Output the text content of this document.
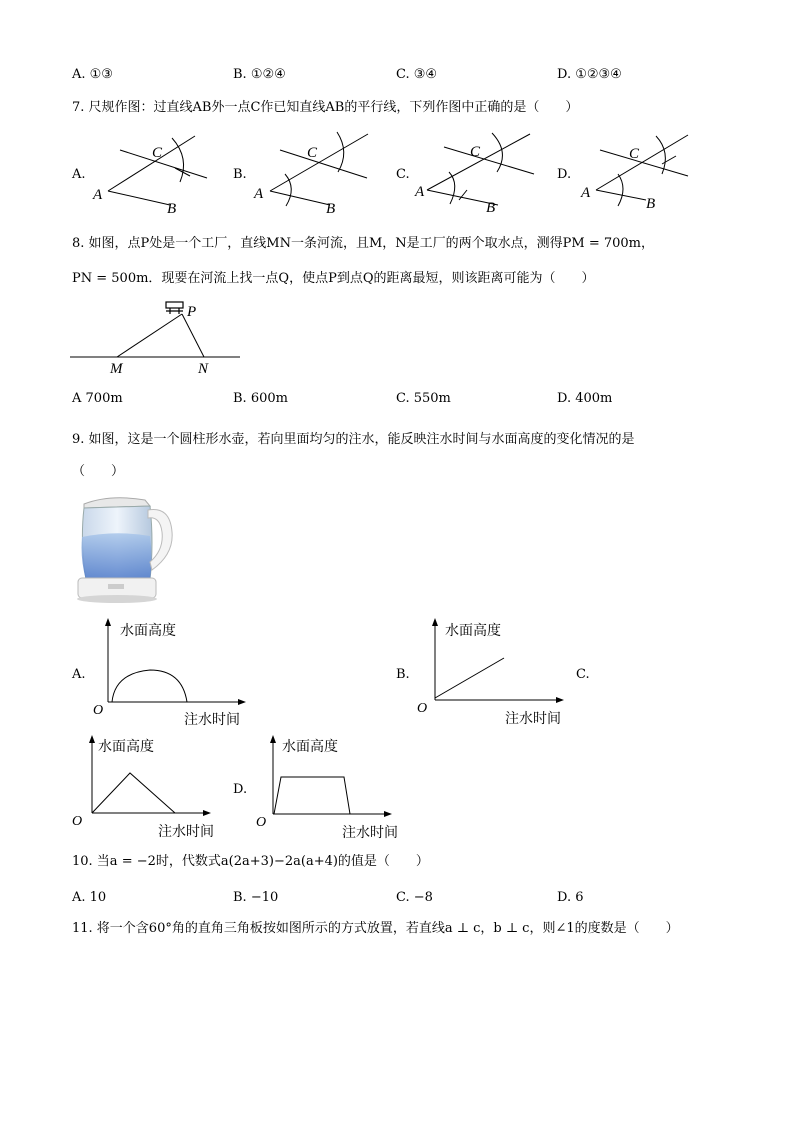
A. ①③	B. ①②④	C. ③④	D. ①②③④
7. 尺规作图：过直线AB外一点C作已知直线AB的平行线，下列作图中正确的是（　　）
A.
C
A
B
B.
C
A
B
C.
C
A
B
D.
C
A
B
8. 如图，点P处是一个工厂，直线MN一条河流，且M，N是工厂的两个取水点，测得PM = 700m，
PN = 500m．现要在河流上找一点Q，使点P到点Q的距离最短，则该距离可能为（　　）
P
M	N
A 700m	B. 600m	C. 550m	D. 400m
9. 如图，这是一个圆柱形水壶，若向里面均匀的注水，能反映注水时间与水面高度的变化情况的是
（　　）
A.
水面高度
O
注水时间
B.
水面高度
O
注水时间
C.
水面高度
O
注水时间
D.
水面高度
O
注水时间
10. 当a = −2时，代数式a(2a+3)−2a(a+4)的值是（　　）
A. 10	B. −10	C. −8	D. 6
11. 将一个含60°角的直角三角板按如图所示的方式放置，若直线a ⊥ c，b ⊥ c，则∠1的度数是（　　）
